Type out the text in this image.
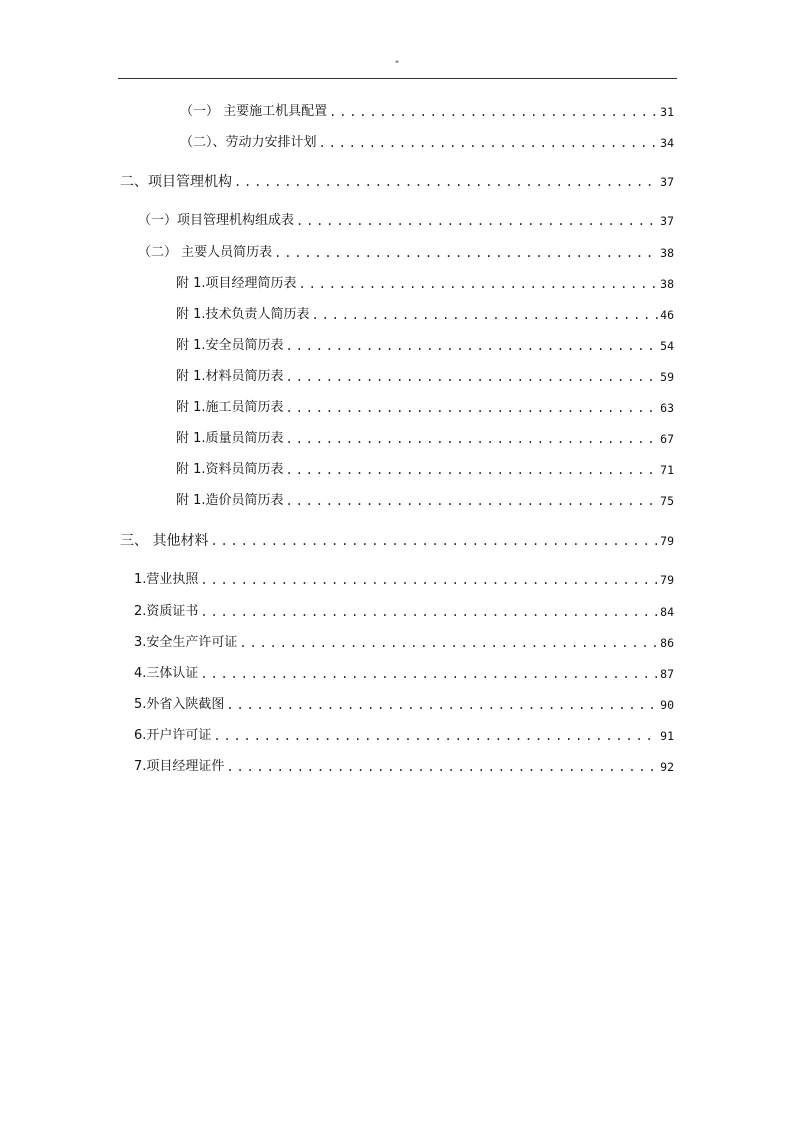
"
（一） 主要施工机具配置 . . .	31
（二）、劳动力安排计划 . . .	34
二、项目管理机构 . . .	37
（一）项目管理机构组成表 . . .	37
（二） 主要人员简历表 . . .	38
附 1.项目经理简历表 . . .	38
附 1.技术负责人简历表 . . .	46
附 1.安全员简历表 . . .	54
附 1.材料员简历表 . . .	59
附 1.施工员简历表 . . .	63
附 1.质量员简历表 . . .	67
附 1.资料员简历表 . . .	71
附 1.造价员简历表 . . .	75
三、 其他材料 . . .	79
1.营业执照 . . .	79
2.资质证书 . . .	84
3.安全生产许可证 . . .	86
4.三体认证 . . .	87
5.外省入陕截图 . . .	90
6.开户许可证 . . .	91
7.项目经理证件 . . .	92
